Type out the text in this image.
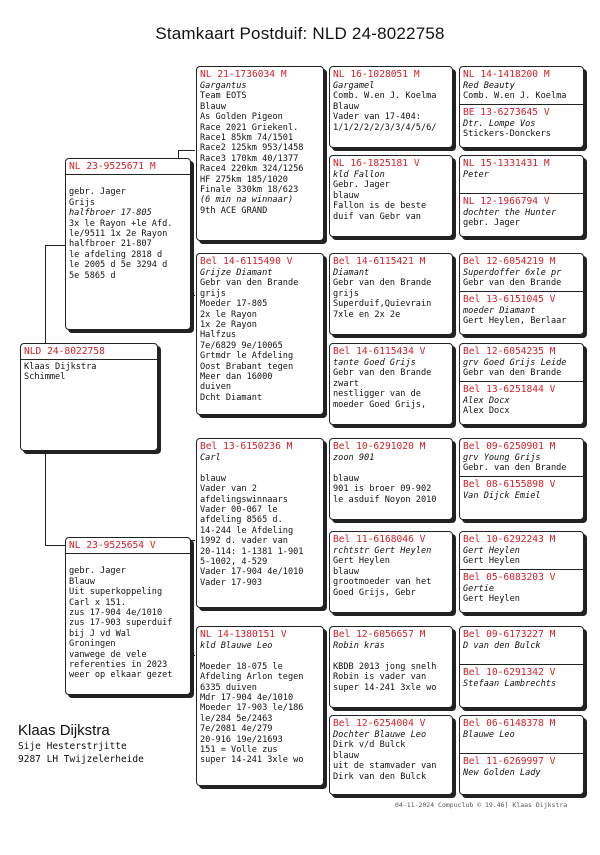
Stamkaart Postduif: NLD 24-8022758
NLD 24-8022758
Klaas Dijkstra
Schimmel
NL 23-9525671 M

gebr. Jager
Grijs
halfbroer 17-805
3x le Rayon +le Afd.
le/9511 1x 2e Rayon
halfbroer 21-807
le afdeling 2818 d
le 2005 d 5e 3294 d
5e 5865 d
NL 23-9525654 V

gebr. Jager
Blauw
Uit superkoppeling
Carl x 151.
zus 17-904 4e/1010
zus 17-903 superduif
bij J vd Wal
Groningen
vanwege de vele
referenties in 2023
weer op elkaar gezet
NL 21-1736034 M
Gargantus
Team EOTS
Blauw
As Golden Pigeon
Race 2021 Griekenl.
Race1 85km 74/1501
Race2 125km 953/1458
Race3 170km 40/1377
Race4 220km 324/1256
HF 275km 185/1020
Finale 330km 18/623
(6 min na winnaar)
9th ACE GRAND
Bel 14-6115490 V
Grijze Diamant
Gebr van den Brande
grijs
Moeder 17-805
2x le Rayon
1x 2e Rayon
Halfzus
7e/6829 9e/10065
Grtmdr le Afdeling
Oost Brabant tegen
Meer dan 16000
duiven
Dcht Diamant
Bel 13-6150236 M
Carl

blauw
Vader van 2
afdelingswinnaars
Vader 00-067 le
afdeling 8565 d.
14-244 le Afdeling
1992 d. vader van
20-114: 1-1381 1-901
5-1002, 4-529
Vader 17-904 4e/1010
Vader 17-903
NL 14-1380151 V
kld Blauwe Leo

Moeder 18-075 le
Afdeling Arlon tegen
6335 duiven
Mdr 17-904 4e/1010
Moeder 17-903 le/186
le/284 5e/2463
7e/2081 4e/279
20-916 19e/21693
151 = Volle zus
super 14-241 3xle wo
NL 16-1028051 M
Gargamel
Comb. W.en J. Koelma
Blauw
Vader van 17-404:
1/1/2/2/2/3/3/4/5/6/
NL 16-1825181 V
kld Fallon
Gebr. Jager
blauw
Fallon is de beste
duif van Gebr van
Bel 14-6115421 M
Diamant
Gebr van den Brande
grijs
Superduif,Quievrain
7xle en 2x 2e
Bel 14-6115434 V
tante Goed Grijs
Gebr van den Brande
zwart
nestligger van de
moeder Goed Grijs,
Bel 10-6291020 M
zoon 901

blauw
901 is broer 09-902
le asduif Noyon 2010
Bel 11-6168046 V
rchtstr Gert Heylen
Gert Heylen
blauw
grootmoeder van het
Goed Grijs, Gebr
Bel 12-6056657 M
Robin kras

KBDB 2013 jong snelh
Robin is vader van
super 14-241 3xle wo
Bel 12-6254004 V
Dochter Blauwe Leo
Dirk v/d Bulck
blauw
uit de stamvader van
Dirk van den Bulck
NL 14-1418200 M
Red Beauty
Comb. W.en J. Koelma
BE 13-6273645 V
Dtr. Lompe Vos
Stickers-Donckers
NL 15-1331431 M
Peter

NL 12-1966794 V
dochter the Hunter
gebr. Jager
Bel 12-6054219 M
Superdoffer 6xle pr
Gebr van den Brande
Bel 13-6151045 V
moeder Diamant
Gert Heylen, Berlaar
Bel 12-6054235 M
grv Goed Grijs Leide
Gebr van den Brande
Bel 13-6251844 V
Alex Docx
Alex Docx
Bel 09-6250901 M
grv Young Grijs
Gebr. van den Brande
Bel 08-6155898 V
Van Dijck Emiel

Bel 10-6292243 M
Gert Heylen
Gert Heylen
Bel 05-6083203 V
Gertie
Gert Heylen
Bel 09-6173227 M
D van den Bulck

Bel 10-6291342 V
Stefaan Lambrechts

Bel 06-6148378 M
Blauwe Leo

Bel 11-6269997 V
New Golden Lady

Klaas Dijkstra
Sije Hesterstrjitte
9287 LH Twijzelerheide
04-11-2024 Compuclub © 19.46] Klaas Dijkstra
